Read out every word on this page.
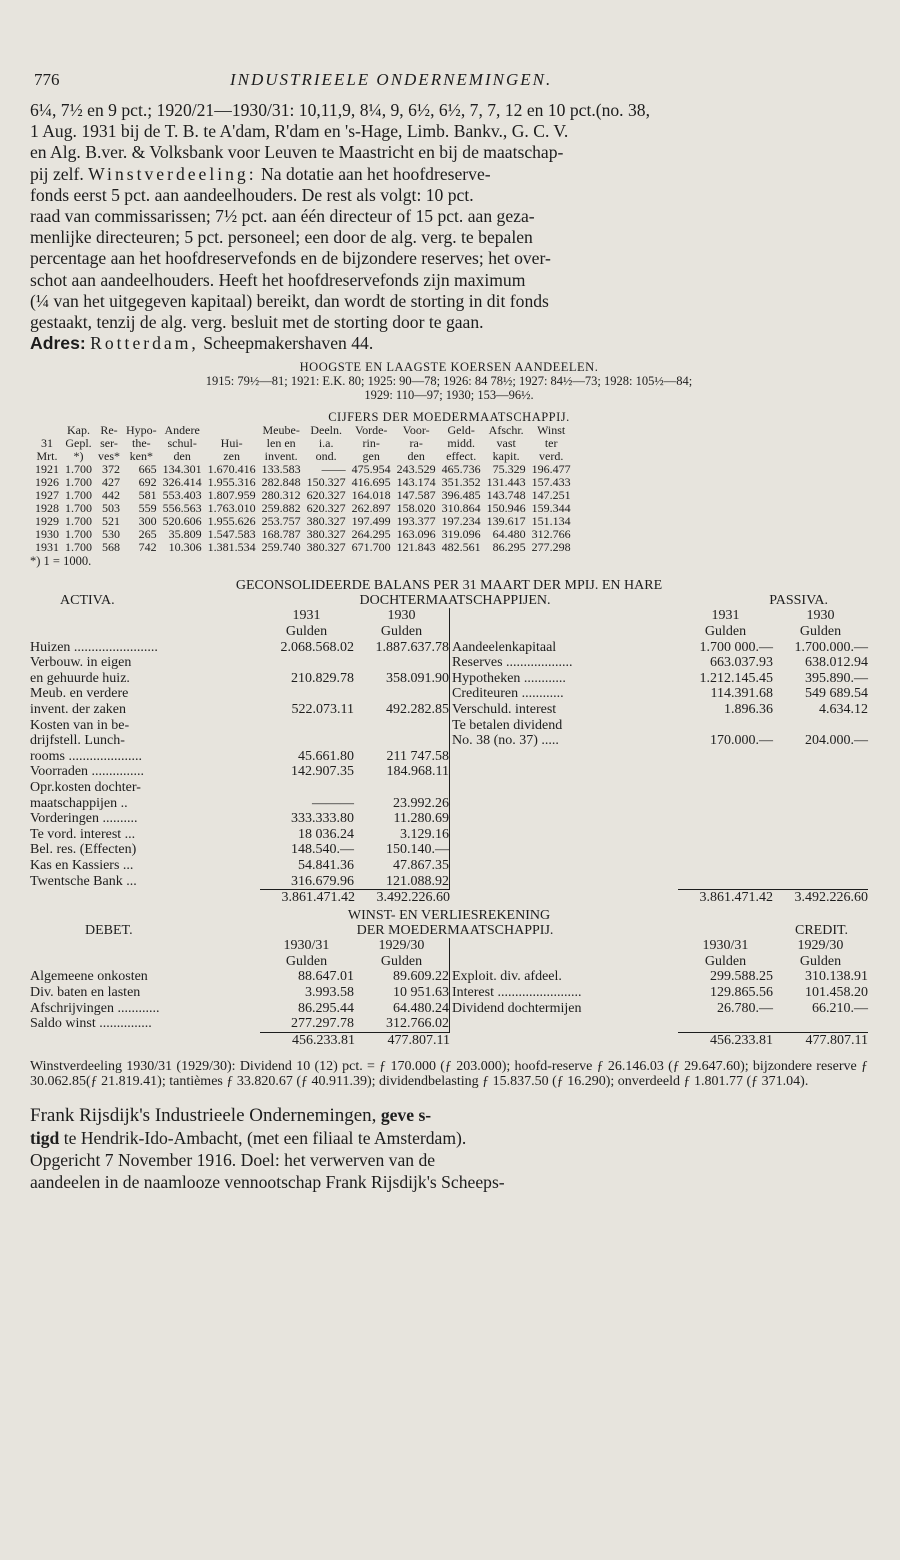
776	INDUSTRIEELE ONDERNEMINGEN.
6¼, 7½ en 9 pct.; 1920/21—1930/31: 10,11,9, 8¼, 9, 6½, 6½, 7, 7, 12 en 10 pct.(no. 38,
1 Aug. 1931 bij de T. B. te A'dam, R'dam en 's-Hage, Limb. Bankv., G. C. V.
en Alg. B.ver. & Volksbank voor Leuven te Maastricht en bij de maatschap-
pij zelf. Winstverdeeling: Na dotatie aan het hoofdreserve-
fonds eerst 5 pct. aan aandeelhouders. De rest als volgt: 10 pct.
raad van commissarissen; 7½ pct. aan één directeur of 15 pct. aan geza-
menlijke directeuren; 5 pct. personeel; een door de alg. verg. te bepalen
percentage aan het hoofdreservefonds en de bijzondere reserves; het over-
schot aan aandeelhouders. Heeft het hoofdreservefonds zijn maximum
(¼ van het uitgegeven kapitaal) bereikt, dan wordt de storting in dit fonds
gestaakt, tenzij de alg. verg. besluit met de storting door te gaan.
Adres: Rotterdam, Scheepmakershaven 44.
HOOGSTE EN LAAGSTE KOERSEN AANDEELEN.
1915: 79½—81; 1921: E.K. 80; 1925: 90—78; 1926: 84 78½; 1927: 84½—73; 1928: 105½—84;
1929: 110—97; 1930; 153—96½.
CIJFERS DER MOEDERMAATSCHAPPIJ.
	Kap.	Re-	Hypo-	Andere		Meube-	Deeln.	Vorde-	Voor-	Geld-	Afschr.	Winst
31	Gepl.	ser-	the-	schul-	Hui-	len en	i.a.	rin-	ra-	midd.	vast	ter
Mrt.	*)	ves*	ken*	den	zen	invent.	ond.	gen	den	effect.	kapit.	verd.
1921	1.700	372	665	134.301	1.670.416	133.583	——	475.954	243.529	465.736	75.329	196.477
1926	1.700	427	692	326.414	1.955.316	282.848	150.327	416.695	143.174	351.352	131.443	157.433
1927	1.700	442	581	553.403	1.807.959	280.312	620.327	164.018	147.587	396.485	143.748	147.251
1928	1.700	503	559	556.563	1.763.010	259.882	620.327	262.897	158.020	310.864	150.946	159.344
1929	1.700	521	300	520.606	1.955.626	253.757	380.327	197.499	193.377	197.234	139.617	151.134
1930	1.700	530	265	35.809	1.547.583	168.787	380.327	264.295	163.096	319.096	64.480	312.766
1931	1.700	568	742	10.306	1.381.534	259.740	380.327	671.700	121.843	482.561	86.295	277.298
*) 1 = 1000.
GECONSOLIDEERDE BALANS PER 31 MAART DER MPIJ. EN HARE
ACTIVA.	DOCHTERMAATSCHAPPIJEN.	PASSIVA.
1931	1930
Gulden	Gulden
Huizen ........................	2.068.568.02	1.887.637.78
Verbouw. in eigen
en gehuurde huiz.	210.829.78	358.091.90
Meub. en verdere
invent. der zaken	522.073.11	492.282.85
Kosten van in be-
drijfstell. Lunch-
rooms .....................	45.661.80	211 747.58
Voorraden ...............	142.907.35	184.968.11
Opr.kosten dochter-
maatschappijen ..	———	23.992.26
Vorderingen ..........	333.333.80	11.280.69
Te vord. interest ...	18 036.24	3.129.16
Bel. res. (Effecten)	148.540.—	150.140.—
Kas en Kassiers ...	54.841.36	47.867.35
Twentsche Bank ...	316.679.96	121.088.92
1931	1930
Gulden	Gulden
Aandeelenkapitaal	1.700 000.—	1.700.000.—
Reserves ...................	663.037.93	638.012.94
Hypotheken ............	1.212.145.45	395.890.—
Crediteuren ............	114.391.68	549 689.54
Verschuld. interest	1.896.36	4.634.12
Te betalen dividend
No. 38 (no. 37) .....	170.000.—	204.000.—
3.861.471.42	3.492.226.60	3.861.471.42	3.492.226.60
WINST- EN VERLIESREKENING
DEBET.	DER MOEDERMAATSCHAPPIJ.	CREDIT.
1930/31	1929/30
Gulden	Gulden
Algemeene onkosten	88.647.01	89.609.22
Div. baten en lasten	3.993.58	10 951.63
Afschrijvingen ............	86.295.44	64.480.24
Saldo winst ...............	277.297.78	312.766.02
1930/31	1929/30
Gulden	Gulden
Exploit. div. afdeel.	299.588.25	310.138.91
Interest ........................	129.865.56	101.458.20
Dividend dochtermijen	26.780.—	66.210.—
456.233.81	477.807.11	456.233.81	477.807.11
Winstverdeeling 1930/31 (1929/30): Dividend 10 (12) pct. = ƒ 170.000 (ƒ 203.000); hoofd-reserve ƒ 26.146.03 (ƒ 29.647.60); bijzondere reserve ƒ 30.062.85(ƒ 21.819.41); tantièmes ƒ 33.820.67 (ƒ 40.911.39); dividendbelasting ƒ 15.837.50 (ƒ 16.290); onverdeeld ƒ 1.801.77 (ƒ 371.04).
Frank Rijsdijk's Industrieele Ondernemingen, geve s-
tigd te Hendrik-Ido-Ambacht, (met een filiaal te Amsterdam).
Opgericht 7 November 1916. Doel: het verwerven van de
aandeelen in de naamlooze vennootschap Frank Rijsdijk's Scheeps-
